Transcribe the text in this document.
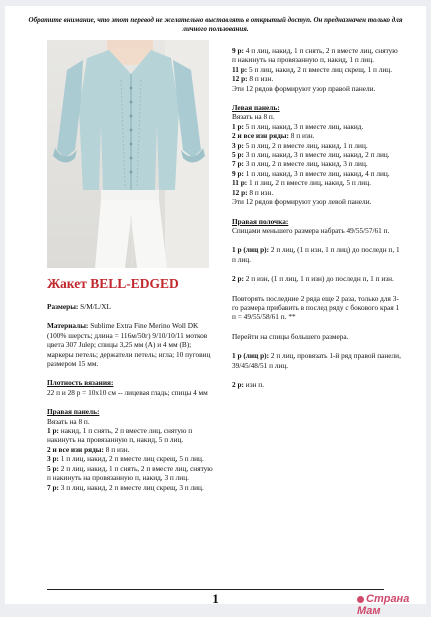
Обратите внимание, что этот перевод не желательно выставлять в открытый доступ. Он предназначен только для личного пользования.
Жакет BELL-EDGED

Размеры: S/M/L/XL

Материалы: Sublime Extra Fine Merino Woll DK (100% шерсть; длина = 116м/50г) 9/10/10/11 мотков цвета 307 Julep; спицы 3,25 мм (A) и 4 мм (B); маркеры петель; держатели петель; игла; 10 пуговиц размером 15 мм.

Плотность вязания:
22 п и 28 р = 10x10 см -- лицевая гладь; спицы 4 мм

Правая панель:
Вязать на 8 п.
1 р: накид, 1 п снять, 2 п вместе лиц, снятую п накинуть на провязанную п, накид, 5 п лиц.
2 и все изн ряды: 8 п изн.
3 р: 1 п лиц, накид, 2 п вместе лиц скрещ, 5 п лиц.
5 р: 2 п лиц, накид, 1 п снять, 2 п вместе лиц, снятую п накинуть на провязанную п, накид, 3 п лиц.
7 р: 3 п лиц, накид, 2 п вместе лиц скрещ, 3 п лиц.
9 р: 4 п лиц, накид, 1 п снять, 2 п вместе лиц, снятую п накинуть на провязанную п, накид, 1 п лиц.
11 р: 5 п лиц, накид, 2 п вместе лиц скрещ, 1 п лиц.
12 р: 8 п изн.
Эти 12 рядов формируют узор правой панели.
Левая панель:
Вязать на 8 п.
1 р: 5 п лиц, накид, 3 п вместе лиц, накид.
2 и все изн ряды: 8 п изн.
3 р: 5 п лиц, 2 п вместе лиц, накид, 1 п лиц.
5 р: 3 п лиц, накид, 3 п вместе лиц, накид, 2 п лиц.
7 р: 3 п лиц, 2 п вместе лиц, накид, 3 п лиц.
9 р: 1 п лиц, накид, 3 п вместе лиц, накид, 4 п лиц.
11 р: 1 п лиц, 2 п вместе лиц, накид, 5 п лиц.
12 р: 8 п изн.
Эти 12 рядов формируют узор левой панели.
Правая полочка:
Спицами меньшего размера набрать 49/55/57/61 п.
1 р (лиц р): 2 п лиц, (1 п изн, 1 п лиц) до последн п, 1 п лиц.
2 р: 2 п изн, (1 п лиц, 1 п изн) до последн п, 1 п изн.
Повторять последние 2 ряда еще 2 раза, только для 3-го размера прибавить в послед ряду с бокового края 1 п = 49/55/58/61 п. **
Перейти на спицы большего размера.
1 р (лиц р): 2 п лиц, провязать 1-й ряд правой панели, 39/45/48/51 п лиц.
2 р: изн п.
1	Страна Мам
